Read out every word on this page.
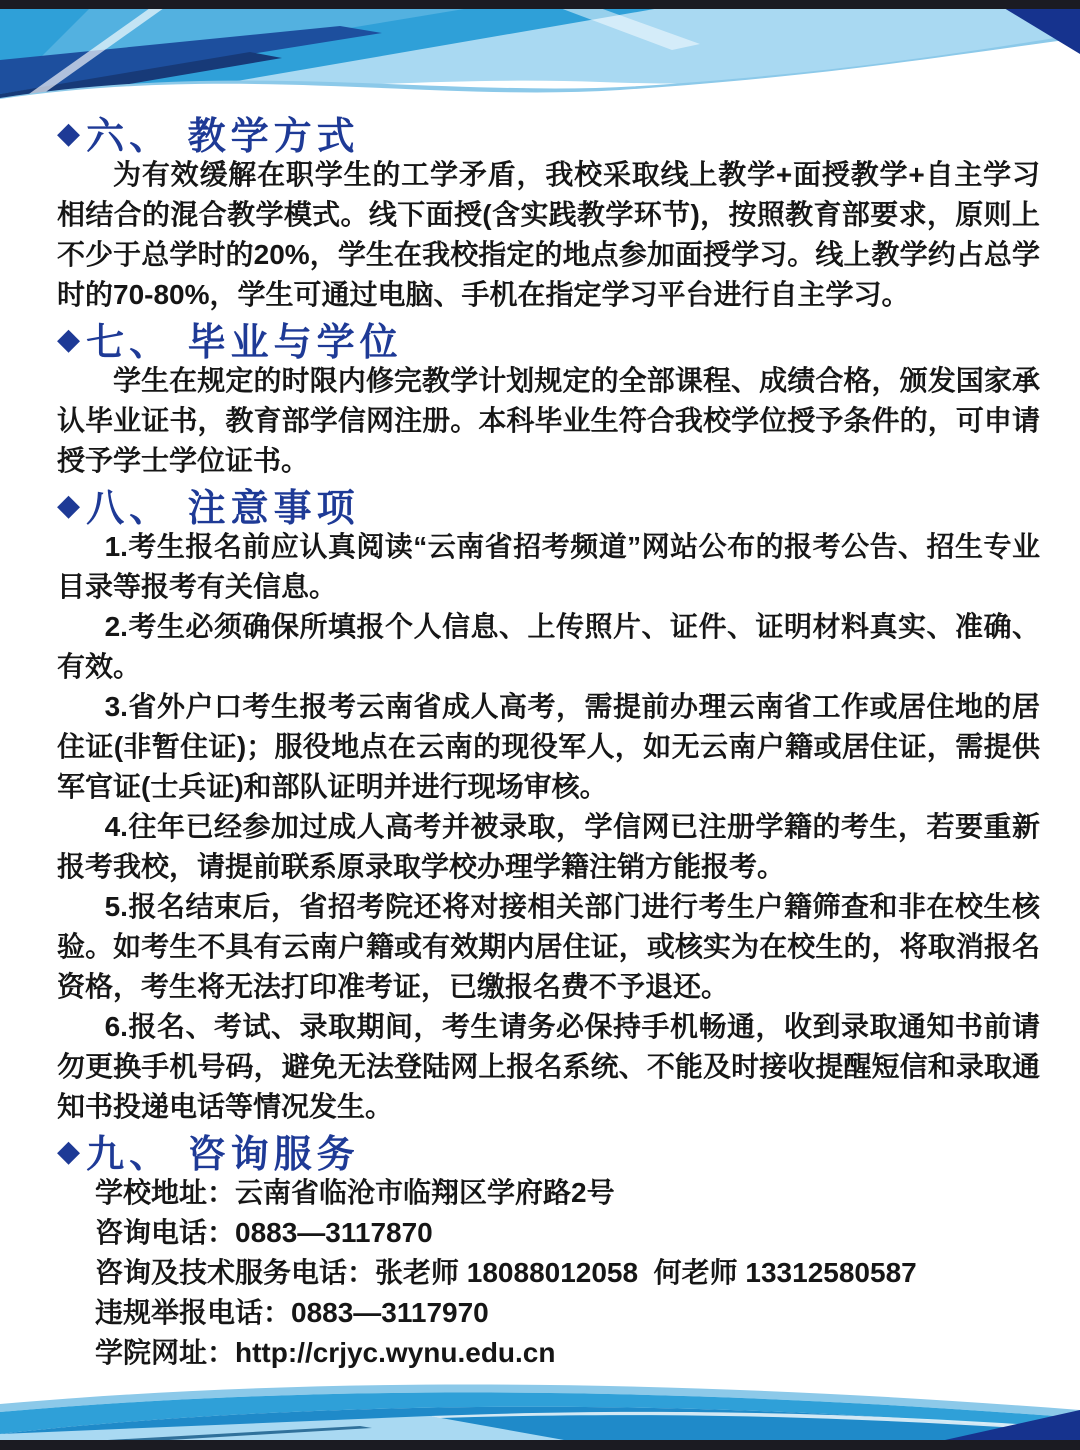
◆ 六、 教学方式

为有效缓解在职学生的工学矛盾，我校采取线上教学+面授教学+自主学习相结合的混合教学模式。线下面授(含实践教学环节)，按照教育部要求，原则上不少于总学时的20%，学生在我校指定的地点参加面授学习。线上教学约占总学时的70-80%，学生可通过电脑、手机在指定学习平台进行自主学习。

◆ 七、 毕业与学位

学生在规定的时限内修完教学计划规定的全部课程、成绩合格，颁发国家承认毕业证书，教育部学信网注册。本科毕业生符合我校学位授予条件的，可申请授予学士学位证书。

◆ 八、 注意事项

1.考生报名前应认真阅读“云南省招考频道”网站公布的报考公告、招生专业目录等报考有关信息。

2.考生必须确保所填报个人信息、上传照片、证件、证明材料真实、准确、有效。

3.省外户口考生报考云南省成人高考，需提前办理云南省工作或居住地的居住证(非暂住证)；服役地点在云南的现役军人，如无云南户籍或居住证，需提供军官证(士兵证)和部队证明并进行现场审核。

4.往年已经参加过成人高考并被录取，学信网已注册学籍的考生，若要重新报考我校，请提前联系原录取学校办理学籍注销方能报考。

5.报名结束后，省招考院还将对接相关部门进行考生户籍筛查和非在校生核验。如考生不具有云南户籍或有效期内居住证，或核实为在校生的，将取消报名资格，考生将无法打印准考证，已缴报名费不予退还。

6.报名、考试、录取期间，考生请务必保持手机畅通，收到录取通知书前请勿更换手机号码，避免无法登陆网上报名系统、不能及时接收提醒短信和录取通知书投递电话等情况发生。

◆ 九、 咨询服务

学校地址：云南省临沧市临翔区学府路2号

咨询电话：0883—3117870

咨询及技术服务电话：张老师 18088012058  何老师 13312580587

违规举报电话：0883—3117970

学院网址：http://crjyc.wynu.edu.cn
